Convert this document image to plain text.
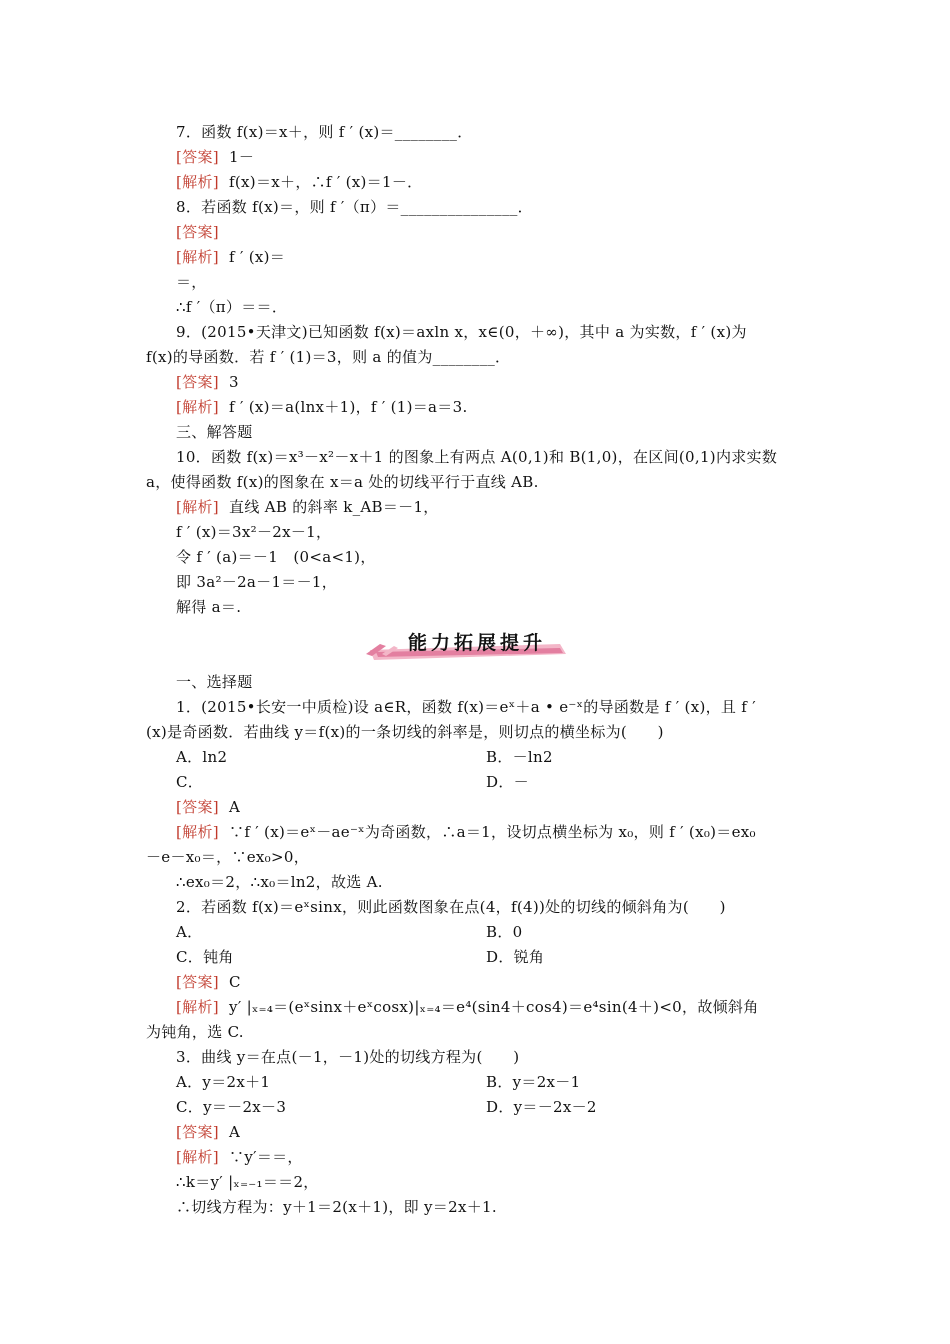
7．函数 f(x)＝x＋，则 f ′ (x)＝________．
[答案] 1－
[解析] f(x)＝x＋，∴f ′ (x)＝1－．
8．若函数 f(x)＝，则 f ′（π）＝_______________．
[答案]
[解析] f ′ (x)＝
＝，
∴f ′（π）＝＝．
9．(2015•天津文)已知函数 f(x)＝axln x，x∈(0，＋∞)，其中 a 为实数，f ′ (x)为
f(x)的导函数．若 f ′ (1)＝3，则 a 的值为________．
[答案] 3
[解析] f ′ (x)＝a(lnx＋1)，f ′ (1)＝a＝3.
三、解答题
10．函数 f(x)＝x³－x²－x＋1 的图象上有两点 A(0,1)和 B(1,0)，在区间(0,1)内求实数
a，使得函数 f(x)的图象在 x＝a 处的切线平行于直线 AB.
[解析] 直线 AB 的斜率 k_AB＝－1，
f ′ (x)＝3x²－2x－1，
令 f ′ (a)＝－1　(0<a<1)，
即 3a²－2a－1＝－1，
解得 a＝.
能力拓展提升
一、选择题
1．(2015•长安一中质检)设 a∈R，函数 f(x)＝eˣ＋a • e⁻ˣ的导函数是 f ′ (x)，且 f ′
(x)是奇函数．若曲线 y＝f(x)的一条切线的斜率是，则切点的横坐标为(　　)
A．ln2	B．－ln2
C．	D．－
[答案] A
[解析] ∵f ′ (x)＝eˣ－ae⁻ˣ为奇函数，∴a＝1，设切点横坐标为 x₀，则 f ′ (x₀)＝ex₀
－e－x₀＝，∵ex₀>0，
∴ex₀＝2，∴x₀＝ln2，故选 A.
2．若函数 f(x)＝eˣsinx，则此函数图象在点(4，f(4))处的切线的倾斜角为(　　)
A．	B．0
C．钝角	D．锐角
[答案] C
[解析] y′ |ₓ₌₄＝(eˣsinx＋eˣcosx)|ₓ₌₄＝e⁴(sin4＋cos4)＝e⁴sin(4＋)<0，故倾斜角
为钝角，选 C.
3．曲线 y＝在点(－1，－1)处的切线方程为(　　)
A．y＝2x＋1	B．y＝2x－1
C．y＝－2x－3	D．y＝－2x－2
[答案] A
[解析] ∵y′＝＝，
∴k＝y′ |ₓ₌₋₁＝＝2，
∴切线方程为：y＋1＝2(x＋1)，即 y＝2x＋1.
